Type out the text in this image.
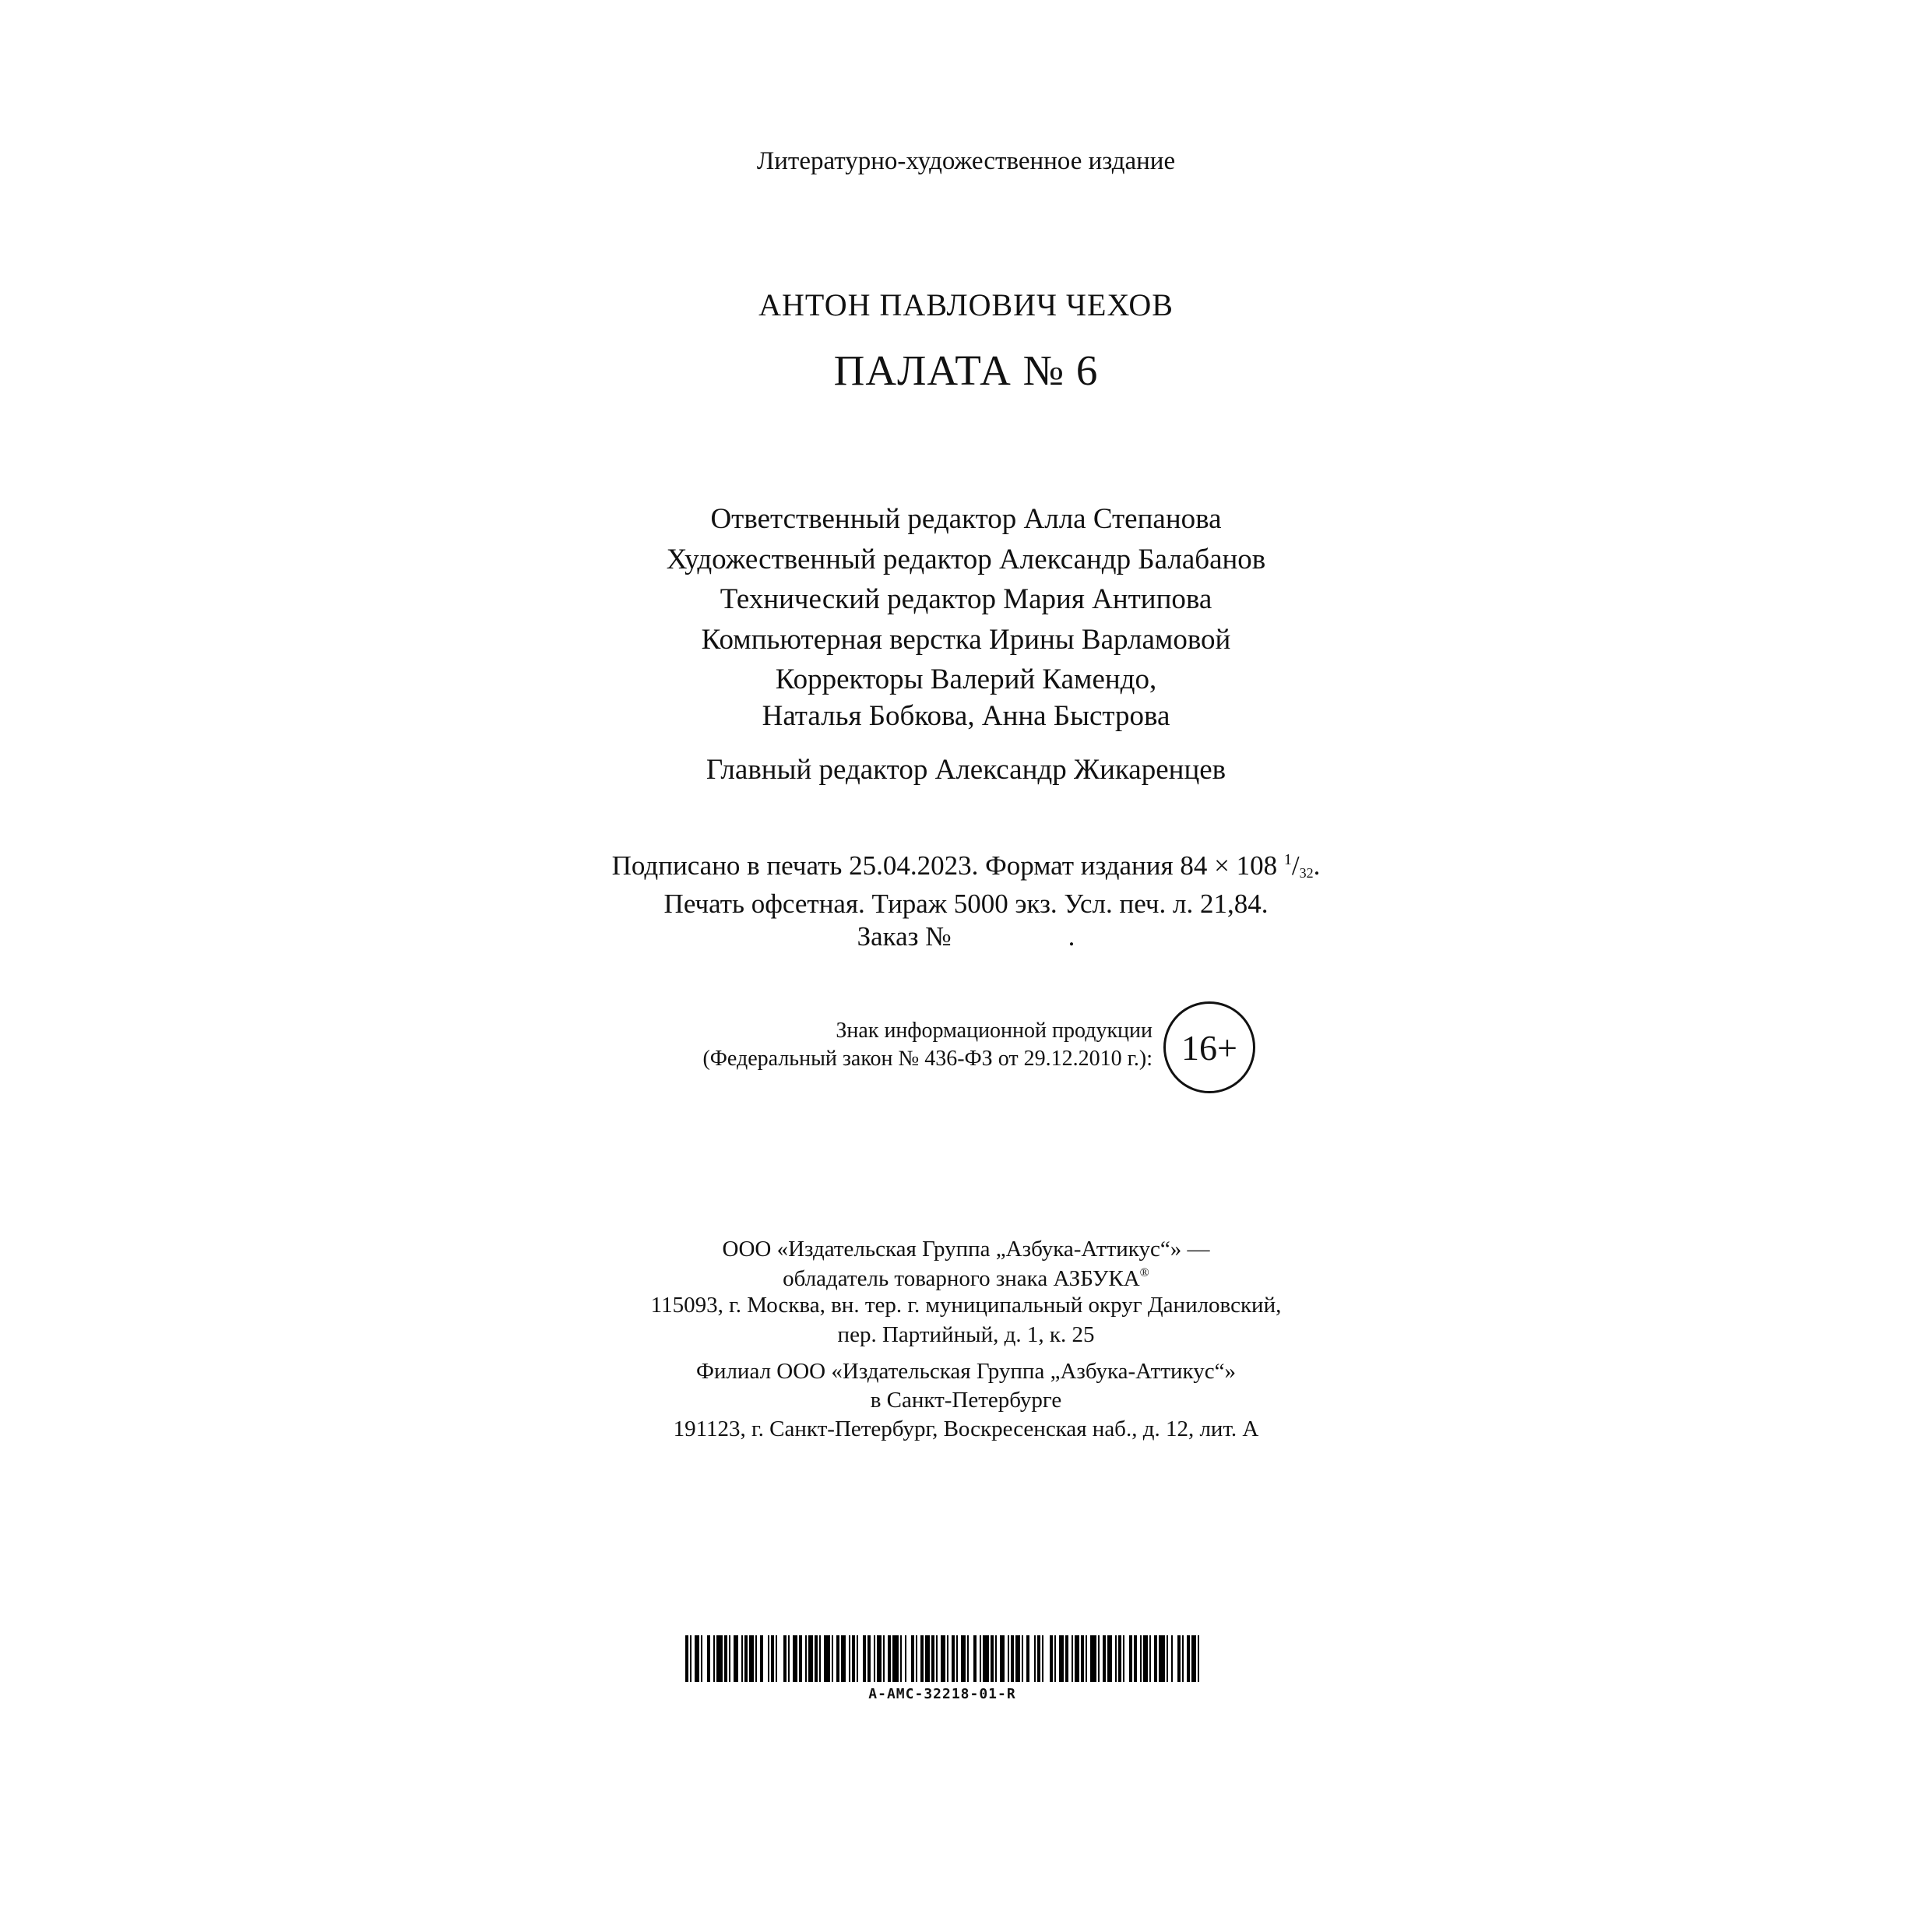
Литературно-художественное издание
АНТОН ПАВЛОВИЧ ЧЕХОВ
ПАЛАТА № 6
Ответственный редактор Алла Степанова
Художественный редактор Александр Балабанов
Технический редактор Мария Антипова
Компьютерная верстка Ирины Варламовой
Корректоры Валерий Камендо,
Наталья Бобкова, Анна Быстрова
Главный редактор Александр Жикаренцев
Подписано в печать 25.04.2023. Формат издания 84 × 108 $^1/_{32}$.
Печать офсетная. Тираж 5000 экз. Усл. печ. л. 21,84.
Заказ №	.
Знак информационной продукции
(Федеральный закон № 436-ФЗ от 29.12.2010 г.): 16+
ООО «Издательская Группа „Азбука-Аттикус“» —
обладатель товарного знака АЗБУКА®
115093, г. Москва, вн. тер. г. муниципальный округ Даниловский,
пер. Партийный, д. 1, к. 25
Филиал ООО «Издательская Группа „Азбука-Аттикус“»
в Санкт-Петербурге
191123, г. Санкт-Петербург, Воскресенская наб., д. 12, лит. А
A-AMC-32218-01-R
